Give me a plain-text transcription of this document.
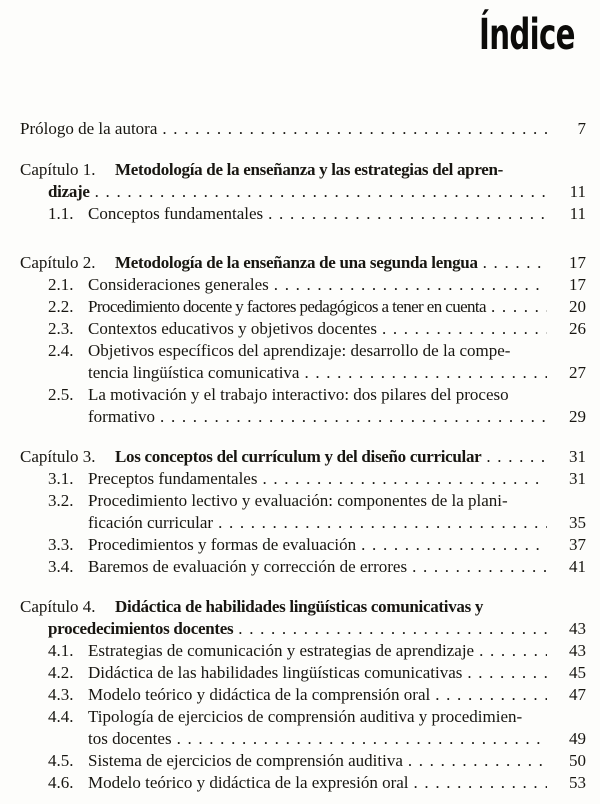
Índice
Prólogo de la autora . . .	7
Capítulo 1.	Metodología de la enseñanza y las estrategias del apren-
dizaje . . .	11
1.1. Conceptos fundamentales . . .	11
Capítulo 2.	Metodología de la enseñanza de una segunda lengua . . .	17
2.1. Consideraciones generales . . .	17
2.2. Procedimiento docente y factores pedagógicos a tener en cuenta . . .	20
2.3. Contextos educativos y objetivos docentes . . .	26
2.4. Objetivos específicos del aprendizaje: desarrollo de la compe-
tencia lingüística comunicativa . . .	27
2.5. La motivación y el trabajo interactivo: dos pilares del proceso
formativo . . .	29
Capítulo 3.	Los conceptos del currículum y del diseño curricular . . .	31
3.1. Preceptos fundamentales . . .	31
3.2. Procedimiento lectivo y evaluación: componentes de la plani-
ficación curricular . . .	35
3.3. Procedimientos y formas de evaluación . . .	37
3.4. Baremos de evaluación y corrección de errores . . .	41
Capítulo 4.	Didáctica de habilidades lingüísticas comunicativas y
procedecimientos docentes . . .	43
4.1. Estrategias de comunicación y estrategias de aprendizaje . . .	43
4.2. Didáctica de las habilidades lingüísticas comunicativas . . .	45
4.3. Modelo teórico y didáctica de la comprensión oral . . .	47
4.4. Tipología de ejercicios de comprensión auditiva y procedimien-
tos docentes . . .	49
4.5. Sistema de ejercicios de comprensión auditiva . . .	50
4.6. Modelo teórico y didáctica de la expresión oral . . .	53
